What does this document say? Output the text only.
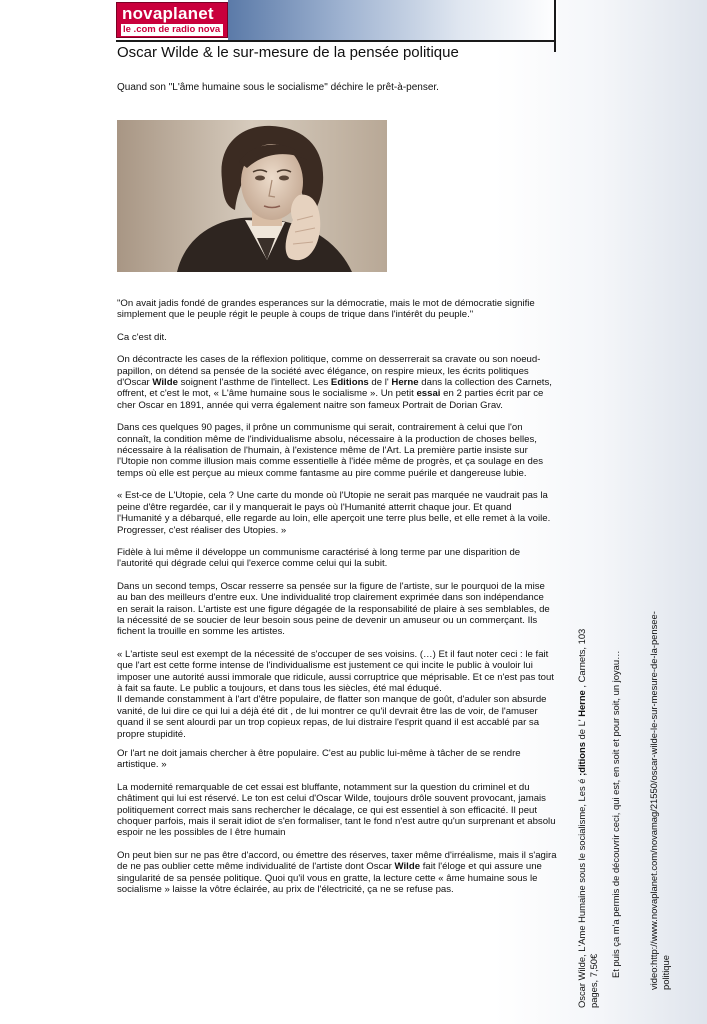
novaplanet
le .com de radio nova
Oscar Wilde & le sur-mesure de la pensée politique

Quand son "L'âme humaine sous le socialisme" déchire le prêt-à-penser.

"On avait jadis fondé de grandes esperances sur la démocratie, mais le mot de démocratie signifie simplement que le peuple régit le peuple à coups de trique dans l'intérêt du peuple."

Ca c'est dit.

On décontracte les cases de la réflexion politique, comme on desserrerait sa cravate ou son noeud-papillon, on détend sa pensée de la société avec élégance, on respire mieux, les écrits politiques d'Oscar Wilde soignent l'asthme de l'intellect. Les Editions de l' Herne dans la collection des Carnets, offrent, et c'est le mot, « L'âme humaine sous le socialisme ». Un petit essai en 2 parties écrit par ce cher Oscar en 1891, année qui verra également naitre son fameux Portrait de Dorian Grav.

Dans ces quelques 90 pages, il prône un communisme qui serait, contrairement à celui que l'on connaît, la condition même de l'individualisme absolu, nécessaire à la production de choses belles, nécessaire à la réalisation de l'humain, à l'existence même de l'Art. La première partie insiste sur l'Utopie non comme illusion mais comme essentielle à l'idée même de progrès, et ça soulage en des temps où elle est perçue au mieux comme fantasme au pire comme puérile et dangereuse lubie.

« Est-ce de L'Utopie, cela ? Une carte du monde où l'Utopie ne serait pas marquée ne vaudrait pas la peine d'être regardée, car il y manquerait le pays où l'Humanité atterrit chaque jour. Et quand l'Humanité y a débarqué, elle regarde au loin, elle aperçoit une terre plus belle, et elle remet à la voile. Progresser, c'est réaliser des Utopies. »

Fidèle à lui même il développe un communisme caractérisé à long terme par une disparition de l'autorité qui dégrade celui qui l'exerce comme celui qui la subit.

Dans un second temps, Oscar resserre sa pensée sur la figure de l'artiste, sur le pourquoi de la mise au ban des meilleurs d'entre eux. Une individualité trop clairement exprimée dans son indépendance en serait la raison. L'artiste est une figure dégagée de la responsabilité de plaire à ses semblables, de la nécessité de se soucier de leur besoin sous peine de devenir un amuseur ou un commerçant. Ils fichent la trouille en somme les artistes.

« L'artiste seul est exempt de la nécessité de s'occuper de ses voisins. (…) Et il faut noter ceci : le fait que l'art est cette forme intense de l'individualisme est justement ce qui incite le public à vouloir lui imposer une autorité aussi immorale que ridicule, aussi corruptrice que méprisable. Et ce n'est pas tout à fait sa faute. Le public a toujours, et dans tous les siècles, été mal éduqué.
Il demande constamment à l'art d'être populaire, de flatter son manque de goût, d'aduler son absurde vanité, de lui dire ce qui lui a déjà été dit , de lui montrer ce qu'il devrait être las de voir, de l'amuser quand il se sent alourdi par un trop copieux repas, de lui distraire l'esprit quand il est accablé par sa propre stupidité.

Or l'art ne doit jamais chercher à être populaire. C'est au public lui-même à tâcher de se rendre artistique. »

La modernité remarquable de cet essai est bluffante, notamment sur la question du criminel et du châtiment qui lui est réservé. Le ton est celui d'Oscar Wilde, toujours drôle souvent provocant, jamais politiquement correct mais sans rechercher le décalage, ce qui est essentiel à son efficacité. Il peut choquer parfois, mais il serait idiot de s'en formaliser, tant le fond n'est autre qu'un surprenant et absolu espoir ne les possibles de l être humain

On peut bien sur ne pas être d'accord, ou émettre des réserves, taxer même d'irréalisme, mais il s'agira de ne pas oublier cette même individualité de l'artiste dont Oscar Wilde fait l'éloge et qui assure une singularité de sa pensée politique. Quoi qu'il vous en gratte, la lecture cette « âme humaine sous le socialisme » laisse la vôtre éclairée, au prix de l'électricité, ça ne se refuse pas.	Oscar Wilde, L'Ame Humaine sous le socialisme, Les é ;ditions de L' Herne , Carnets, 103
pages, 7,50€
Et puis ça m'a permis de découvrir ceci, qui est, en soit et pour soit, un joyau…	video:http://www.novaplanet.com/novamag/21550/oscar-wilde-le-sur-mesure-de-la-pensee- politique
